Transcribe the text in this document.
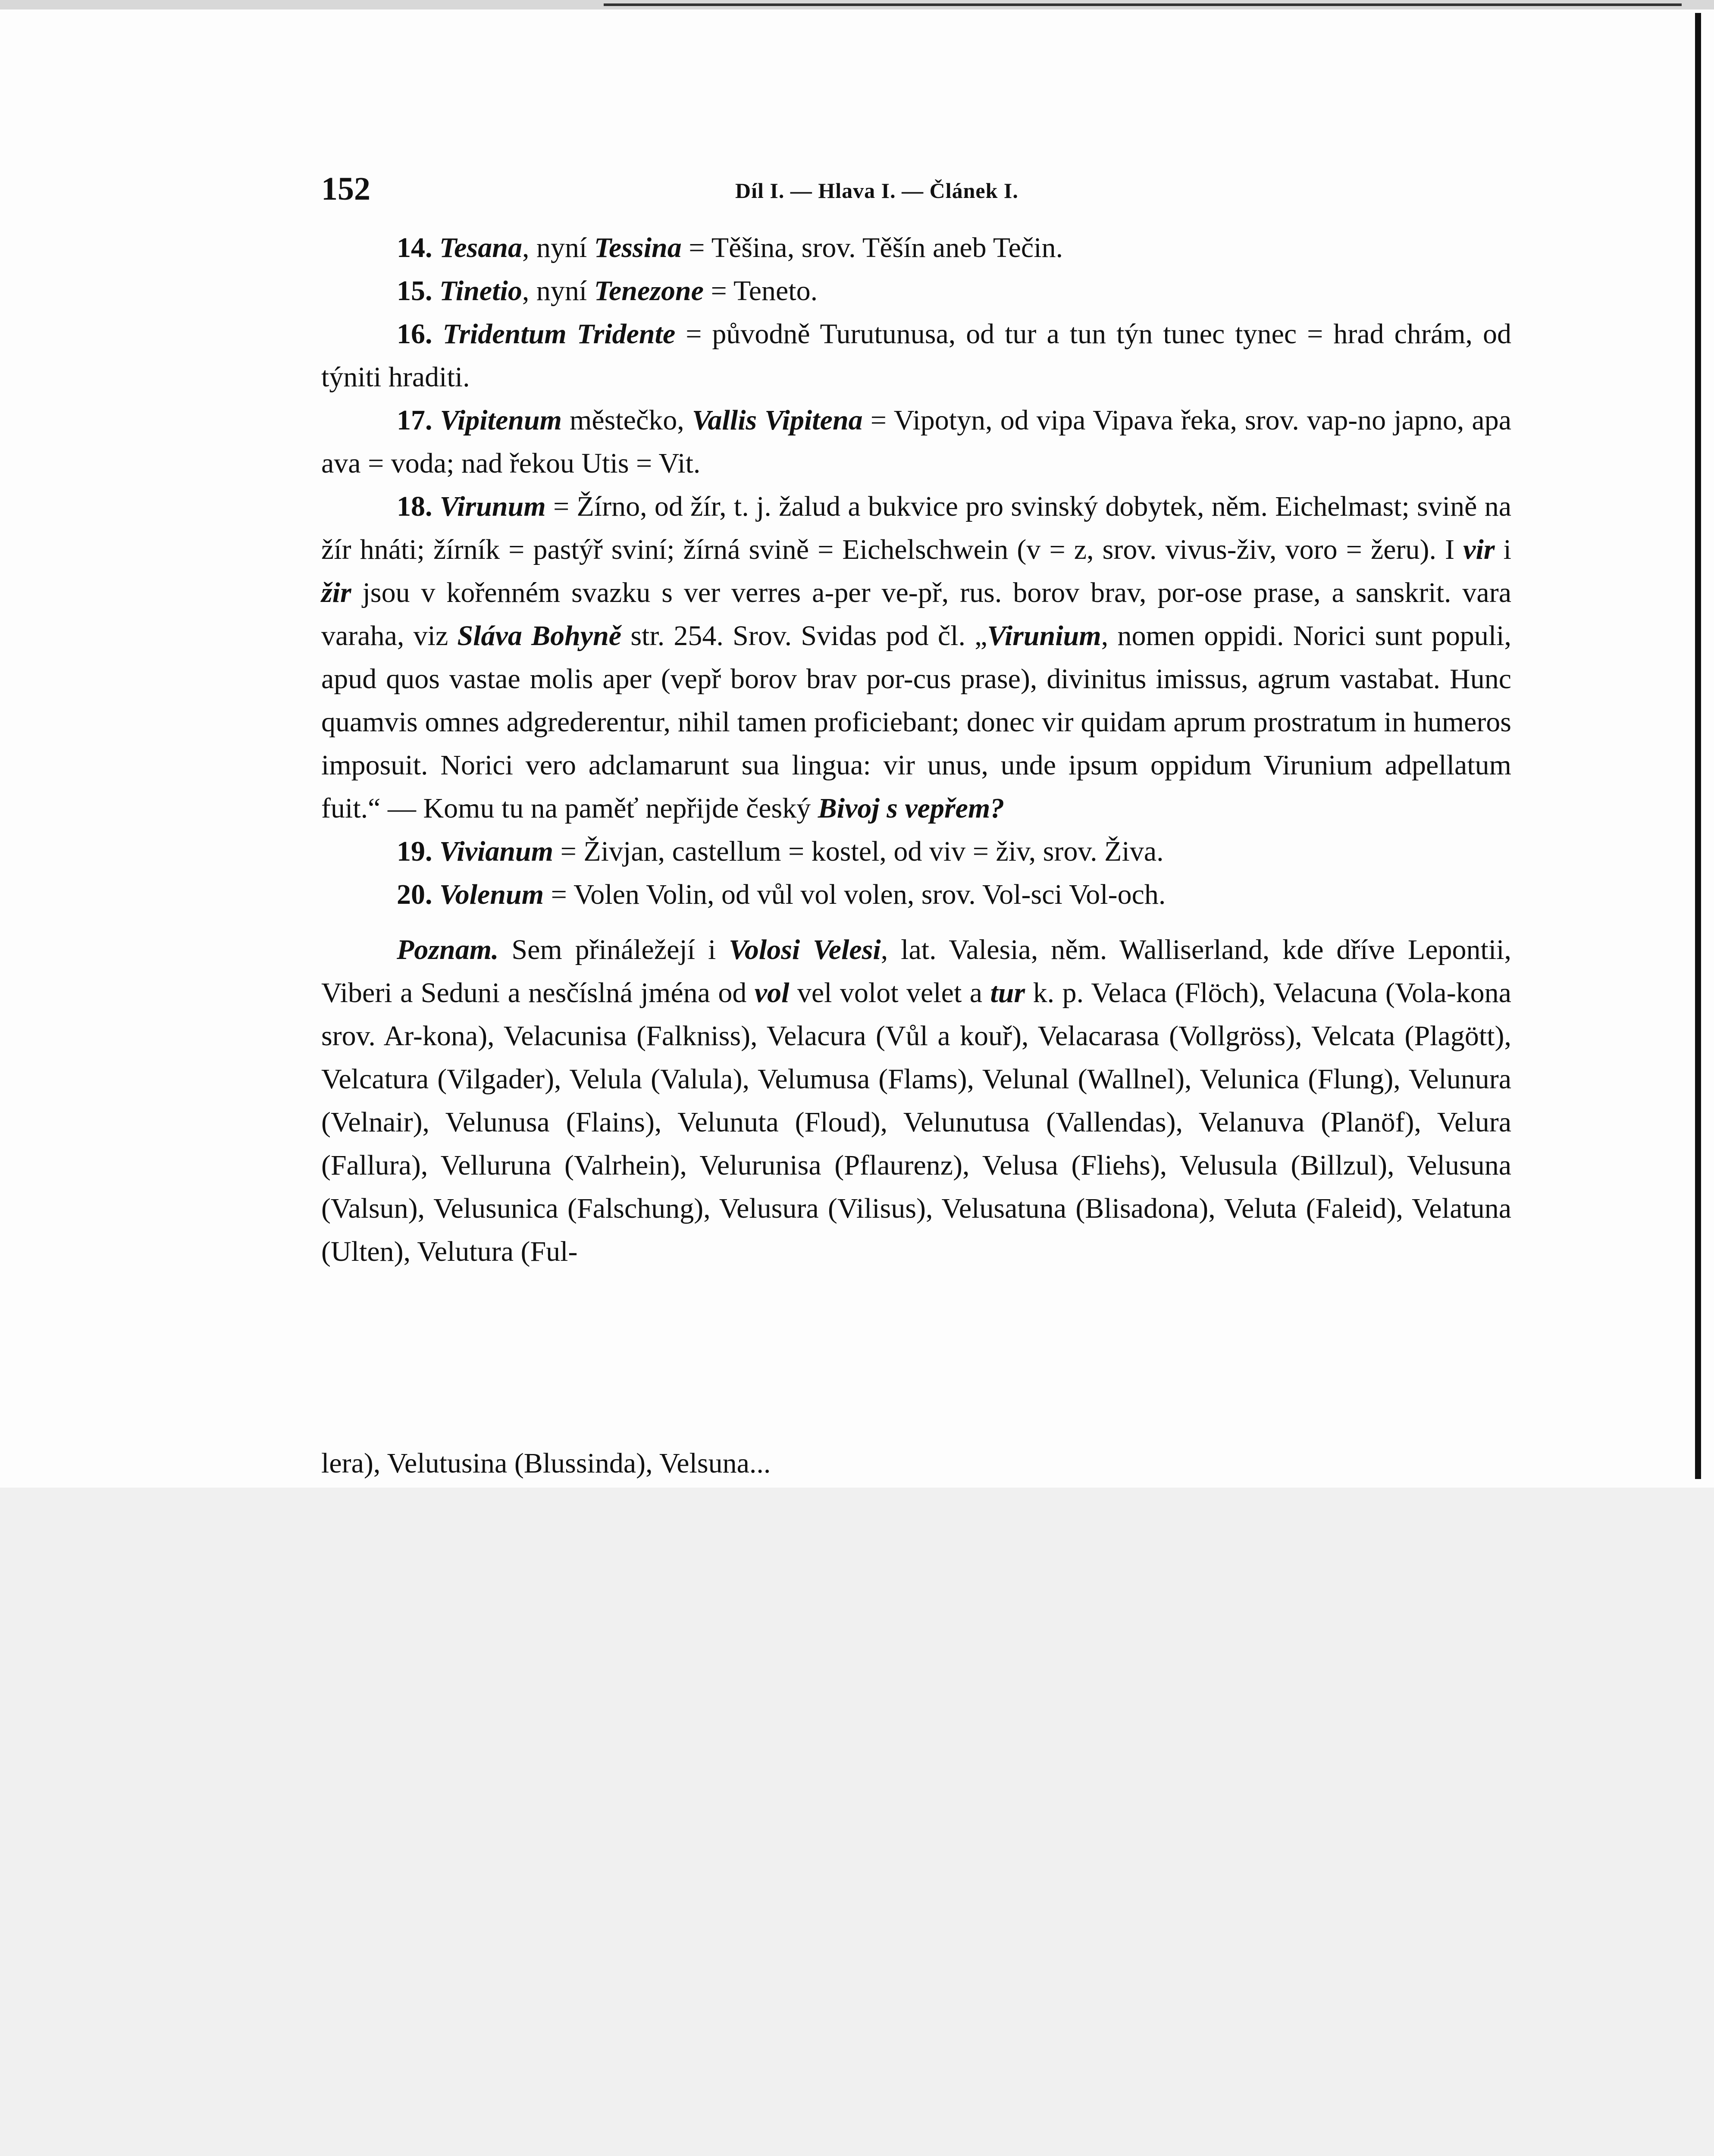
152	Díl I. — Hlava I. — Článek I.

14. Tesana, nyní Tessina = Těšina, srov. Těšín aneb Tečin.

15. Tinetio, nyní Tenezone = Teneto.

16. Tridentum Tridente = původně Turutunusa, od tur a tun týn tunec tynec = hrad chrám, od týniti hraditi.

17. Vipitenum městečko, Vallis Vipitena = Vipotyn, od vipa Vipava řeka, srov. vap-no japno, apa ava = voda; nad řekou Utis = Vit.

18. Virunum = Žírno, od žír, t. j. žalud a bukvice pro svinský dobytek, něm. Eichelmast; svině na žír hnáti; žírník = pastýř sviní; žírná svině = Eichelschwein (v = z, srov. vivus-živ, voro = žeru). I vir i žir jsou v kořenném svazku s ver verres a-per ve-př, rus. borov brav, por-ose prase, a sanskrit. vara varaha, viz Sláva Bohyně str. 254. Srov. Svidas pod čl. „Virunium, nomen oppidi. Norici sunt populi, apud quos vastae molis aper (vepř borov brav por-cus prase), divinitus imissus, agrum vastabat. Hunc quamvis omnes adgrederentur, nihil tamen proficiebant; donec vir quidam aprum prostratum in humeros imposuit. Norici vero adclamarunt sua lingua: vir unus, unde ipsum oppidum Virunium adpellatum fuit.“ — Komu tu na paměť nepřijde český Bivoj s vepřem?

19. Vivianum = Živjan, castellum = kostel, od viv = živ, srov. Živa.

20. Volenum = Volen Volin, od vůl vol volen, srov. Vol-sci Vol-och.

Poznam. Sem přináležejí i Volosi Velesi, lat. Valesia, něm. Walliserland, kde dříve Lepontii, Viberi a Seduni a nesčíslná jména od vol vel volot velet a tur k. p. Velaca (Flöch), Velacuna (Vola-kona srov. Ar-kona), Velacunisa (Falkniss), Velacura (Vůl a kouř), Velacarasa (Vollgröss), Velcata (Plagött), Velcatura (Vilgader), Velula (Valula), Velumusa (Flams), Velunal (Wallnel), Velunica (Flung), Velunura (Velnair), Velunusa (Flains), Velunuta (Floud), Velunutusa (Vallendas), Velanuva (Planöf), Velura (Fallura), Velluruna (Valrhein), Velurunisa (Pflaurenz), Velusa (Fliehs), Velusula (Billzul), Velusuna (Valsun), Velusunica (Falschung), Velusura (Vilisus), Velusatuna (Blisadona), Veluta (Faleid), Velatuna (Ulten), Velutura (Ful-

lera), Velutusina (Blussinda), Velsuna...
